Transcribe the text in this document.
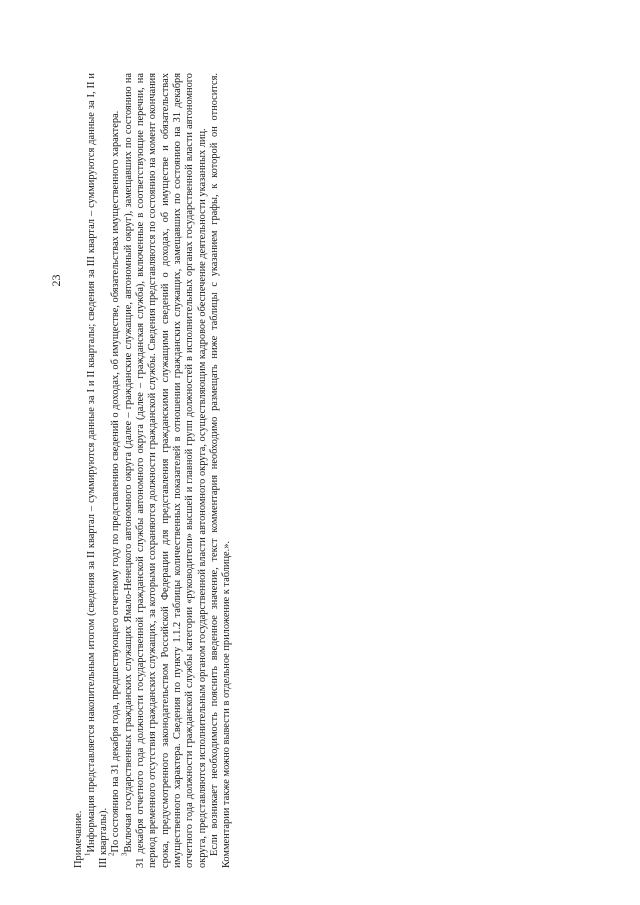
23

Примечание.

$^1$Информация представляется накопительным итогом (сведения за II квартал – суммируются данные за I и II кварталы; сведения за III квартал – суммируются данные за I, II и III кварталы).

$^2$По состоянию на 31 декабря года, предшествующего отчетному году по представлению сведений о доходах, об имуществе, обязательствах имущественного характера.

$^3$Включая государственных гражданских служащих Ямало-Ненецкого автономного округа (далее – гражданские служащие, автономный округ), замещавших по состоянию на 31 декабря отчетного года должности государственной гражданской службы автономного округа (далее – гражданская служба), включенные в соответствующие перечни, на период временного отсутствия гражданских служащих, за которыми сохраняются должности гражданской службы. Сведения представляются по состоянию на момент окончания срока, предусмотренного законодательством Российской Федерации для представления гражданскими служащими сведений о доходах, об имуществе и обязательствах имущественного характера. Сведения по пункту 1.1.2 таблицы количественных показателей в отношении гражданских служащих, замещавших по состоянию на 31 декабря отчетного года должности гражданской службы категории «руководители» высшей и главной групп должностей в исполнительных органах государственной власти автономного округа, представляются исполнительным органом государственной власти автономного округа, осуществляющим кадровое обеспечение деятельности указанных лиц. Если возникает необходимость пояснить введенное значение, текст комментария необходимо размещать ниже таблицы с указанием графы, к которой он относится. Комментарии также можно вывести в отдельное приложение к таблице.».
